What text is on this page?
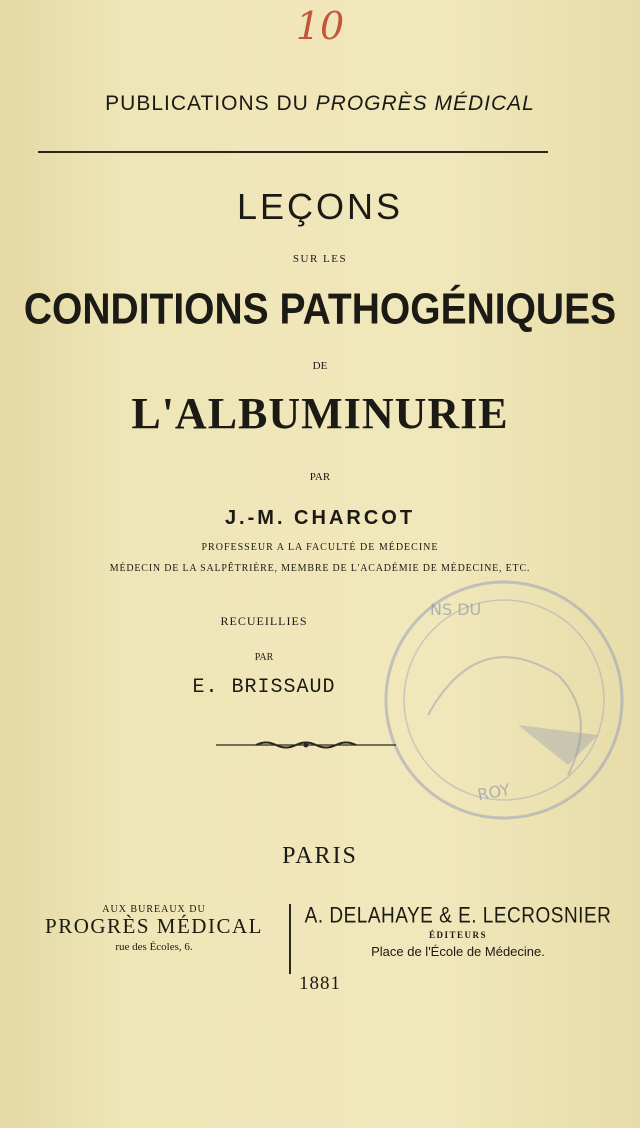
10
PUBLICATIONS DU PROGRÈS MÉDICAL
LEÇONS
SUR LES
CONDITIONS PATHOGÉNIQUES
DE
L'ALBUMINURIE
PAR
J.-M. CHARCOT
PROFESSEUR A LA FACULTÉ DE MÉDECINE
MÉDECIN DE LA SALPÊTRIÈRE, MEMBRE DE L'ACADÉMIE DE MÉDECINE, ETC.
NS DU
ROY
RECUEILLIES
PAR
E. BRISSAUD
PARIS
AUX BUREAUX DU
PROGRÈS MÉDICAL
rue des Écoles, 6.
A. DELAHAYE & E. LECROSNIER
ÉDITEURS
Place de l'École de Médecine.
1881
